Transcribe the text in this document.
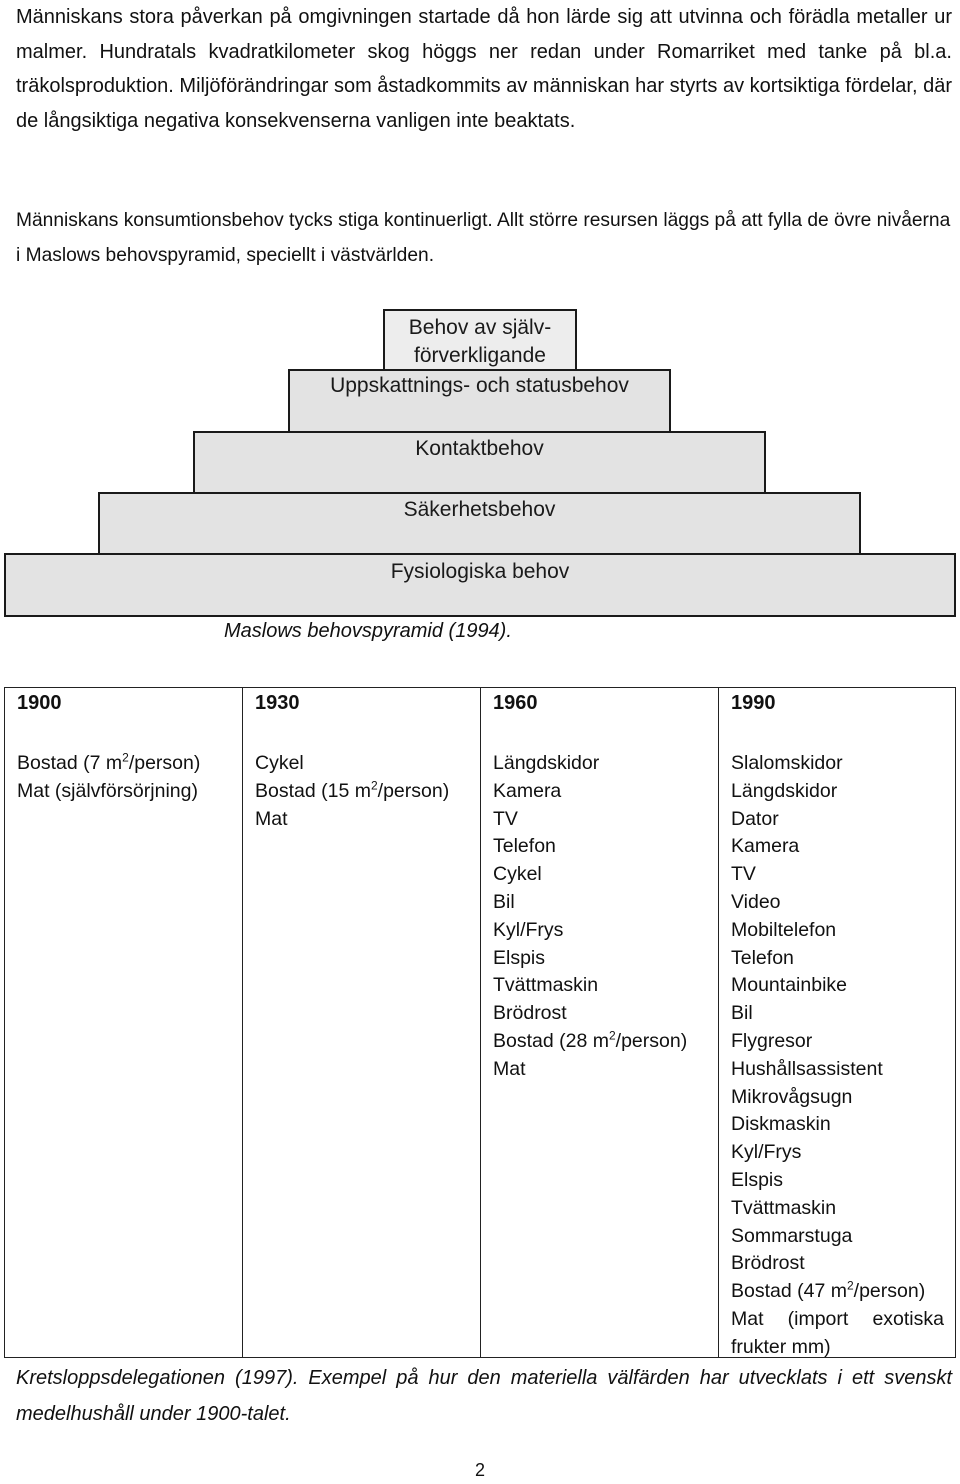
Människans stora påverkan på omgivningen startade då hon lärde sig att utvinna och förädla metaller ur malmer. Hundratals kvadratkilometer skog höggs ner redan under Romarriket med tanke på bl.a. träkolsproduktion. Miljöförändringar som åstadkommits av människan har styrts av kortsiktiga fördelar, där de långsiktiga negativa konsekvenserna vanligen inte beaktats.

Människans konsumtionsbehov tycks stiga kontinuerligt. Allt större resursen läggs på att fylla de övre nivåerna i Maslows behovspyramid, speciellt i västvärlden.

Fysiologiska behov
Säkerhetsbehov
Kontaktbehov
Uppskattnings- och statusbehov
Behov av själv-
förverkligande
Maslows behovspyramid (1994).
1900
Bostad (7 $m^2/person$)
Mat (självförsörjning)
1930
Cykel
Bostad (15 $m^2/person$)
Mat
1960
Längdskidor
Kamera
TV
Telefon
Cykel
Bil
Kyl/Frys
Elspis
Tvättmaskin
Brödrost
Bostad (28 $m^2/person$)
Mat
1990
Slalomskidor
Längdskidor
Dator
Kamera
TV
Video
Mobiltelefon
Telefon
Mountainbike
Bil
Flygresor
Hushållsassistent
Mikrovågsugn
Diskmaskin
Kyl/Frys
Elspis
Tvättmaskin
Sommarstuga
Brödrost
Bostad (47 $m^2/person$)
Mat (import exotiska frukter mm)
Kretsloppsdelegationen (1997). Exempel på hur den materiella välfärden har utvecklats i ett svenskt medelhushåll under 1900-talet.
2
